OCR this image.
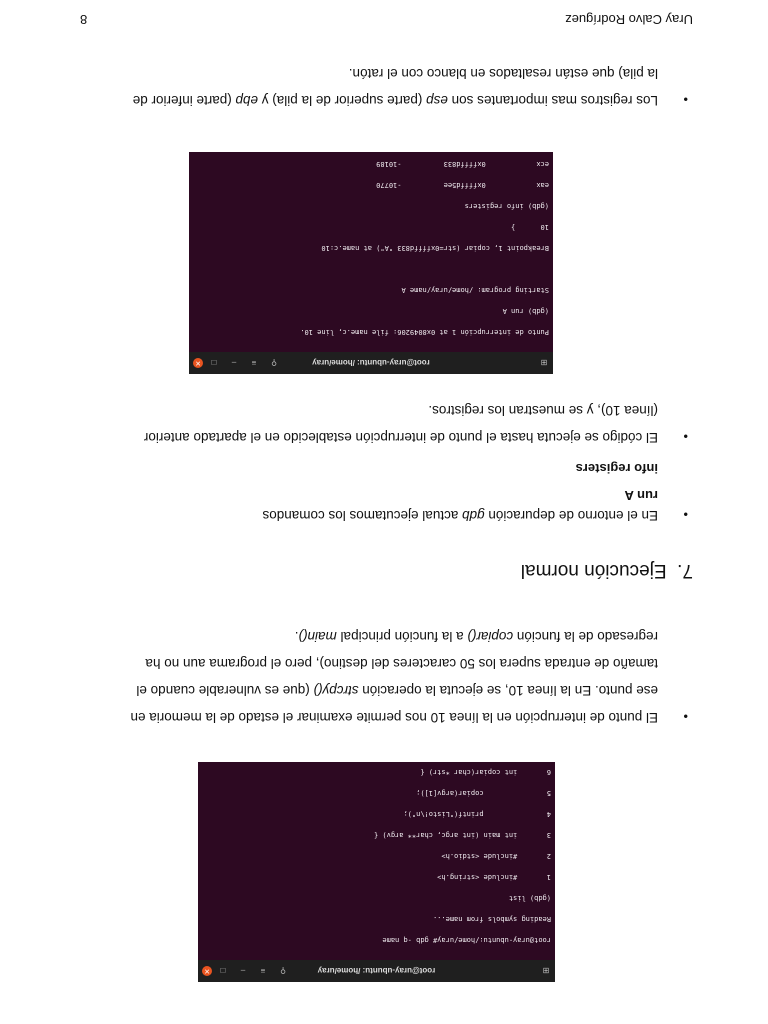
⊞
root@uray-ubuntu: /home/uray
⚲
≡
–
□
✕

root@uray-ubuntu:/home/uray# gdb -q name

Reading symbols from name...

(gdb) list

1       #include <string.h>

2       #include <stdio.h>

3       int main (int argc, char** argv) {

4               printf("Listo!\n");

5               copiar(argv[1]);

6       int copiar(char *str) {

•
El punto de interrupción en la línea 10 nos permite examinar el estado de la memoria en
ese punto. En la línea 10, se ejecuta la operación strcpy() (que es vulnerable cuando el
tamaño de entrada supera los 50 caracteres del destino), pero el programa aun no ha
regresado de la función copiar() a la función principal main().
7.  Ejecución normal
•
En el entorno de depuración gdb actual ejecutamos los comandos
run A
info registers
•
El código se ejecuta hasta el punto de interrupción establecido en el apartado anterior
(línea 10), y se muestran los registros.
⊞
root@uray-ubuntu: /home/uray
⚲
≡
–
□
✕

Punto de interrupción 1 at 0x8049206: file name.c, line 10.

(gdb) run A

Starting program: /home/uray/name A

Breakpoint 1, copiar (str=0xffffd833 "A") at name.c:10

10      }

(gdb) info registers

eax            0xffffd5ee          -10770

ecx            0xffffd833          -10189

•
Los registros mas importantes son esp (parte superior de la pila) y ebp (parte inferior de
la pila) que están resaltados en blanco con el ratón.
Uray Calvo Rodríguez
8
